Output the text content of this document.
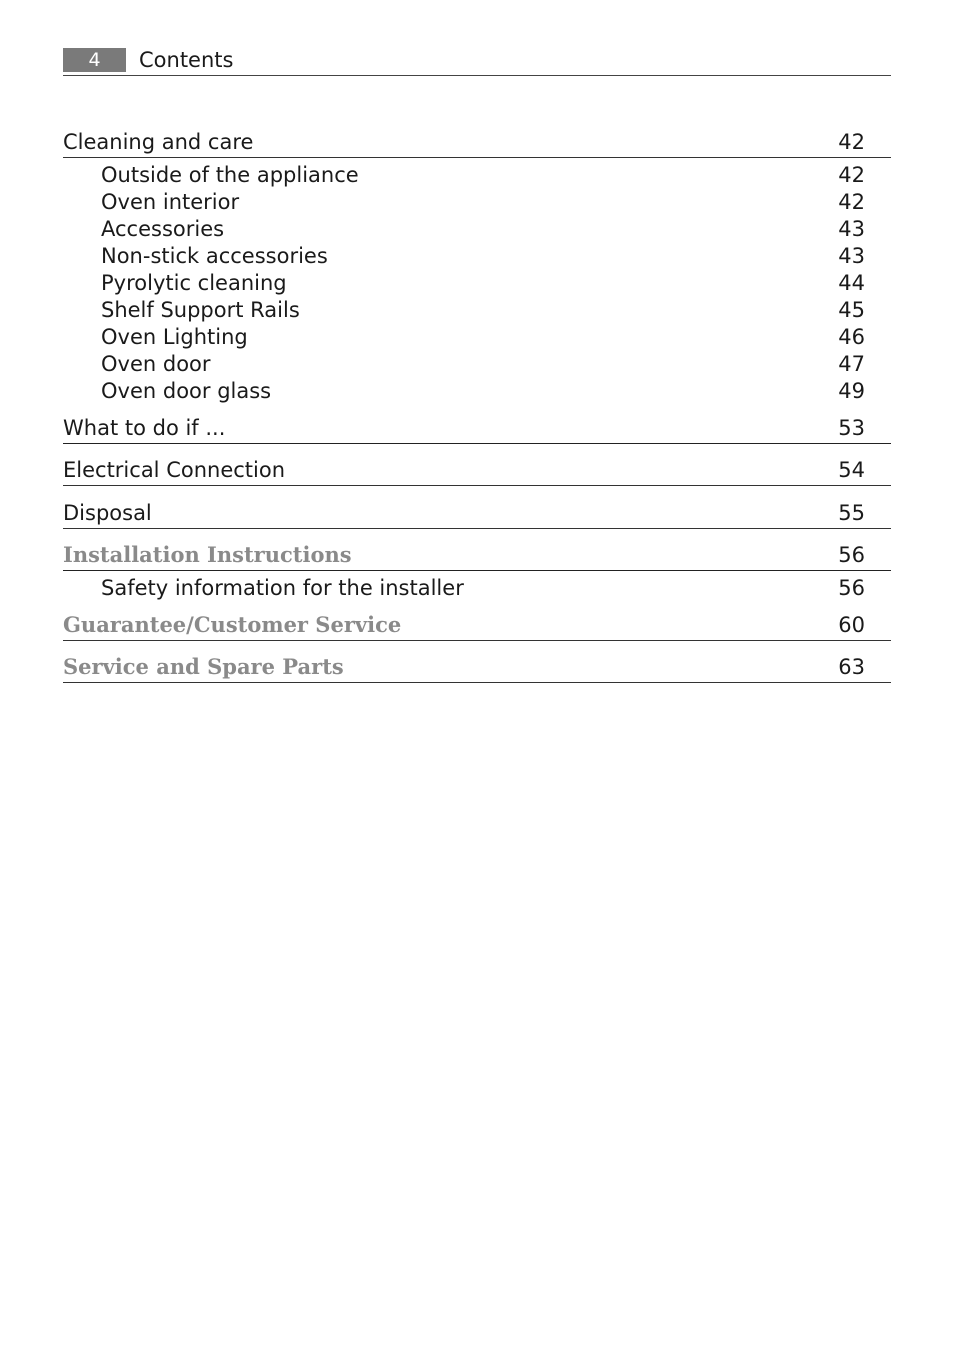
4	Contents
Cleaning and care	42
Outside of the appliance	42
Oven interior	42
Accessories	43
Non-stick accessories	43
Pyrolytic cleaning	44
Shelf Support Rails	45
Oven Lighting	46
Oven door	47
Oven door glass	49
What to do if ...	53
Electrical Connection	54
Disposal	55
Installation Instructions	56
Safety information for the installer	56
Guarantee/Customer Service	60
Service and Spare Parts	63
